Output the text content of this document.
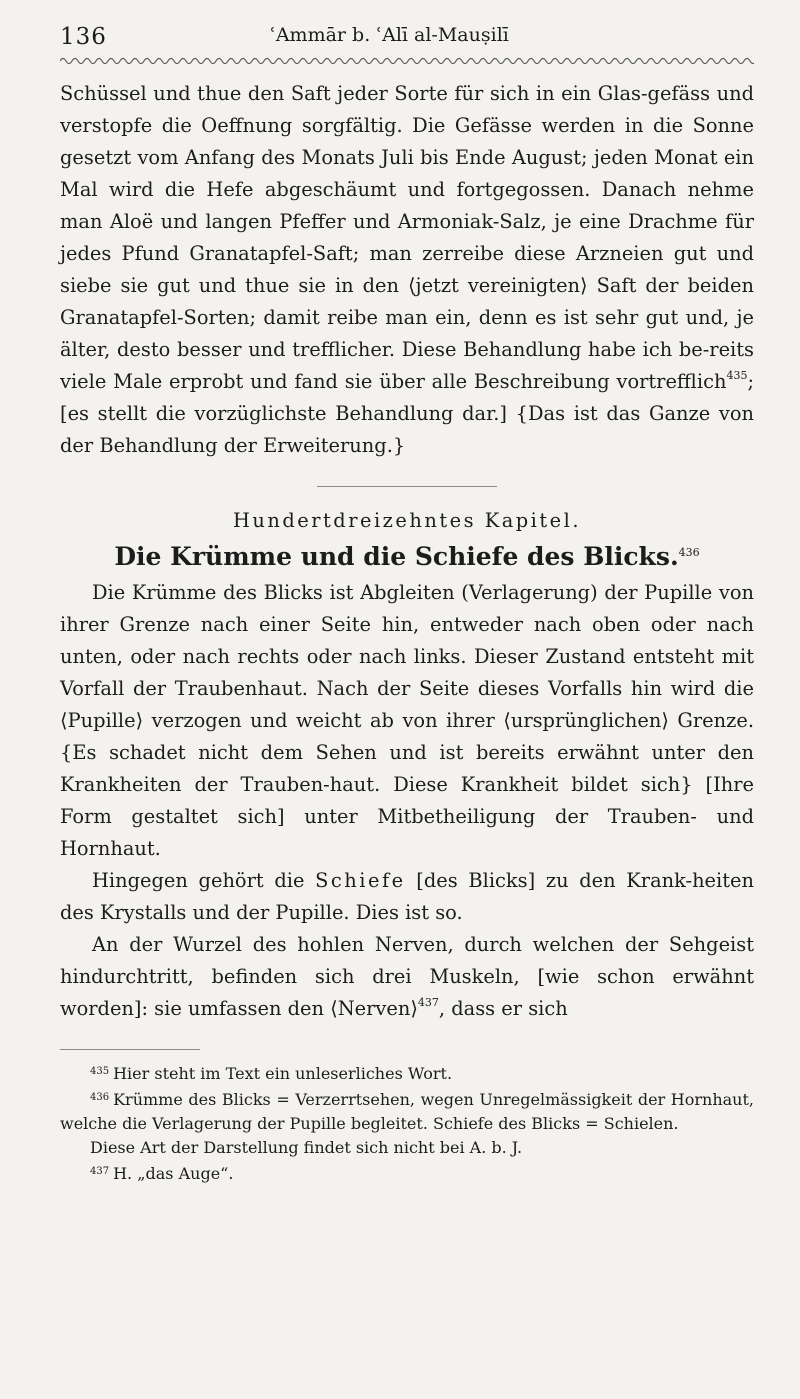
136	ʿAmmār b. ʿAlī al-Mauṣilī

Schüssel und thue den Saft jeder Sorte für sich in ein Glas-gefäss und verstopfe die Oeffnung sorgfältig. Die Gefässe werden in die Sonne gesetzt vom Anfang des Monats Juli bis Ende August; jeden Monat ein Mal wird die Hefe abgeschäumt und fortgegossen. Danach nehme man Aloë und langen Pfeffer und Armoniak-Salz, je eine Drachme für jedes Pfund Granatapfel-Saft; man zerreibe diese Arzneien gut und siebe sie gut und thue sie in den ⟨jetzt vereinigten⟩ Saft der beiden Granatapfel-Sorten; damit reibe man ein, denn es ist sehr gut und, je älter, desto besser und trefflicher. Diese Behandlung habe ich be-reits viele Male erprobt und fand sie über alle Beschreibung vortrefflich$^{435}$; [es stellt die vorzüglichste Behandlung dar.] {Das ist das Ganze von der Behandlung der Erweiterung.}

Hundertdreizehntes Kapitel.

Die Krümme und die Schiefe des Blicks.$^{436}$

Die Krümme des Blicks ist Abgleiten (Verlagerung) der Pupille von ihrer Grenze nach einer Seite hin, entweder nach oben oder nach unten, oder nach rechts oder nach links. Dieser Zustand entsteht mit Vorfall der Traubenhaut. Nach der Seite dieses Vorfalls hin wird die ⟨Pupille⟩ verzogen und weicht ab von ihrer ⟨ursprünglichen⟩ Grenze. {Es schadet nicht dem Sehen und ist bereits erwähnt unter den Krankheiten der Trauben-haut. Diese Krankheit bildet sich} [Ihre Form gestaltet sich] unter Mitbetheiligung der Trauben- und Hornhaut.

Hingegen gehört die Schiefe [des Blicks] zu den Krank-heiten des Krystalls und der Pupille. Dies ist so.

An der Wurzel des hohlen Nerven, durch welchen der Sehgeist hindurchtritt, befinden sich drei Muskeln, [wie schon erwähnt worden]: sie umfassen den ⟨Nerven⟩$^{437}$, dass er sich

$^{435}$ Hier steht im Text ein unleserliches Wort.

$^{436}$ Krümme des Blicks = Verzerrtsehen, wegen Unregelmässigkeit der Hornhaut, welche die Verlagerung der Pupille begleitet. Schiefe des Blicks = Schielen.

Diese Art der Darstellung findet sich nicht bei A. b. J.

$^{437}$ H. „das Auge“.
